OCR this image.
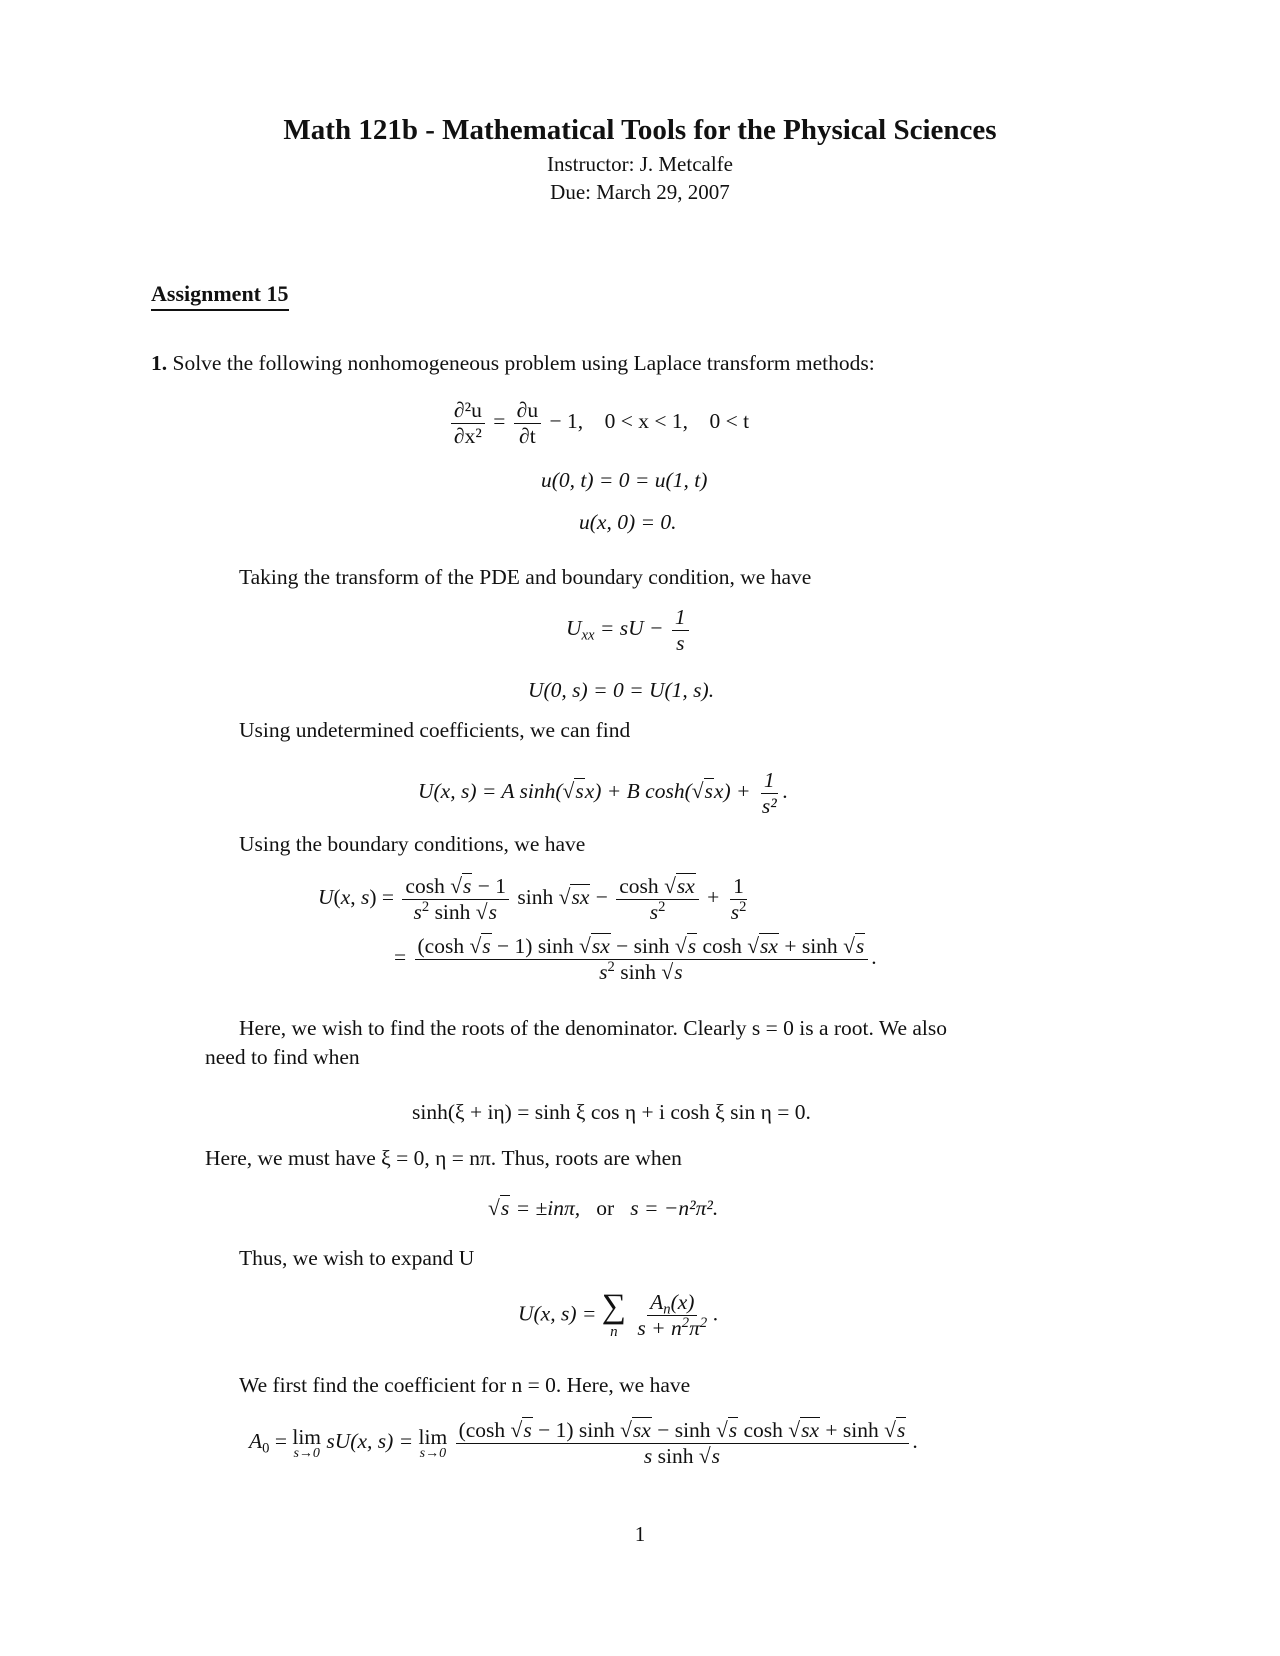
Math 121b - Mathematical Tools for the Physical Sciences
Instructor: J. Metcalfe
Due: March 29, 2007
Assignment 15
1. Solve the following nonhomogeneous problem using Laplace transform methods:
$\frac{\text{∂²u}}{\text{∂x²}} = \frac{\partial u}{\partial t} - 1$,    0 < x < 1,    0 < t
u(0, t) = 0 = u(1, t)
u(x, 0) = 0.
Taking the transform of the PDE and boundary condition, we have
$U_{xx}$ = sU − $\frac{1}{s}$
U(0, s) = 0 = U(1, s).
Using undetermined coefficients, we can find
U(x, s) = A sinh(√sx) + B $\cosh(√sx) + \frac{1}{\text{s²}}$ .
Using the boundary conditions, we have
U(x, $s) = \frac{\cosh √s - 1}{s^2 \sinh √s}$ $\sinh √sx - \frac{\cosh √sx}{s^2} + \frac{1}{s^2}$
= $\frac{\text{(cosh √s − 1) sinh √sx − sinh √s cosh √sx + sinh √s}}{s^2 \sinh √s}$ .
Here, we wish to find the roots of the denominator. Clearly s = 0 is a root. We also
need to find when
sinh(ξ + iη) = sinh ξ cos η + i cosh ξ sin η = 0.
Here, we must have ξ = 0, η = nπ. Thus, roots are when
√s = ±inπ, or s = −n²π².
Thus, we wish to expand U
U(x, s) = ∑
n
$\frac{A_n(x)}{s + n^2\pi^2}$ .
We first find the coefficient for n = 0. Here, we have
$A_0 = \lim$
s→0
sU(x, s) = lim
s→0
$\frac{\text{(cosh √s − 1) sinh √sx − sinh √s cosh √sx + sinh √s}}{\text{s sinh √s}}$ .
1
